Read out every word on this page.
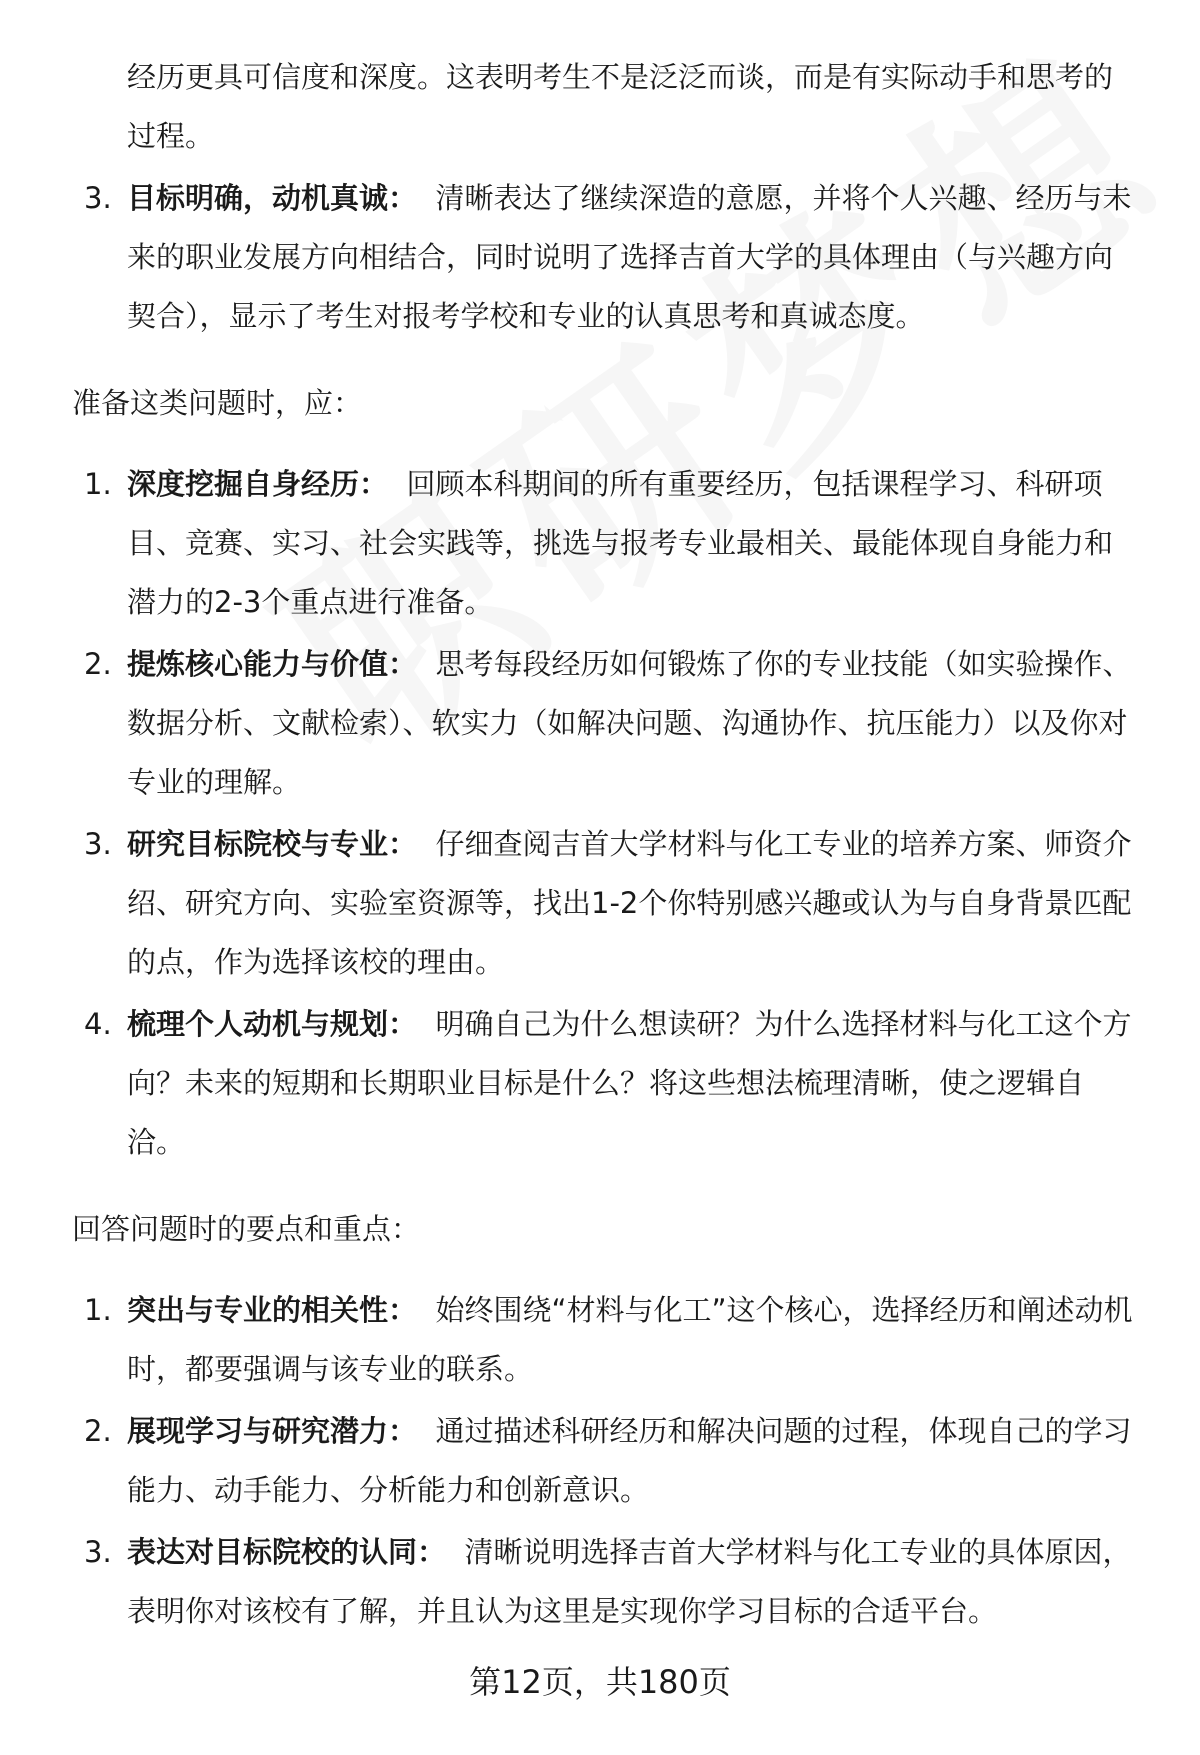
经历更具可信度和深度。这表明考生不是泛泛而谈，而是有实际动手和思考的过程。
3. 目标明确，动机真诚： 清晰表达了继续深造的意愿，并将个人兴趣、经历与未来的职业发展方向相结合，同时说明了选择吉首大学的具体理由（与兴趣方向契合），显示了考生对报考学校和专业的认真思考和真诚态度。
准备这类问题时，应：
1. 深度挖掘自身经历： 回顾本科期间的所有重要经历，包括课程学习、科研项目、竞赛、实习、社会实践等，挑选与报考专业最相关、最能体现自身能力和潜力的2-3个重点进行准备。
2. 提炼核心能力与价值： 思考每段经历如何锻炼了你的专业技能（如实验操作、数据分析、文献检索）、软实力（如解决问题、沟通协作、抗压能力）以及你对专业的理解。
3. 研究目标院校与专业： 仔细查阅吉首大学材料与化工专业的培养方案、师资介绍、研究方向、实验室资源等，找出1-2个你特别感兴趣或认为与自身背景匹配的点，作为选择该校的理由。
4. 梳理个人动机与规划： 明确自己为什么想读研？为什么选择材料与化工这个方向？未来的短期和长期职业目标是什么？将这些想法梳理清晰，使之逻辑自洽。
回答问题时的要点和重点：
1. 突出与专业的相关性： 始终围绕“材料与化工”这个核心，选择经历和阐述动机时，都要强调与该专业的联系。
2. 展现学习与研究潜力： 通过描述科研经历和解决问题的过程，体现自己的学习能力、动手能力、分析能力和创新意识。
3. 表达对目标院校的认同： 清晰说明选择吉首大学材料与化工专业的具体原因，表明你对该校有了解，并且认为这里是实现你学习目标的合适平台。
第12页，共180页
